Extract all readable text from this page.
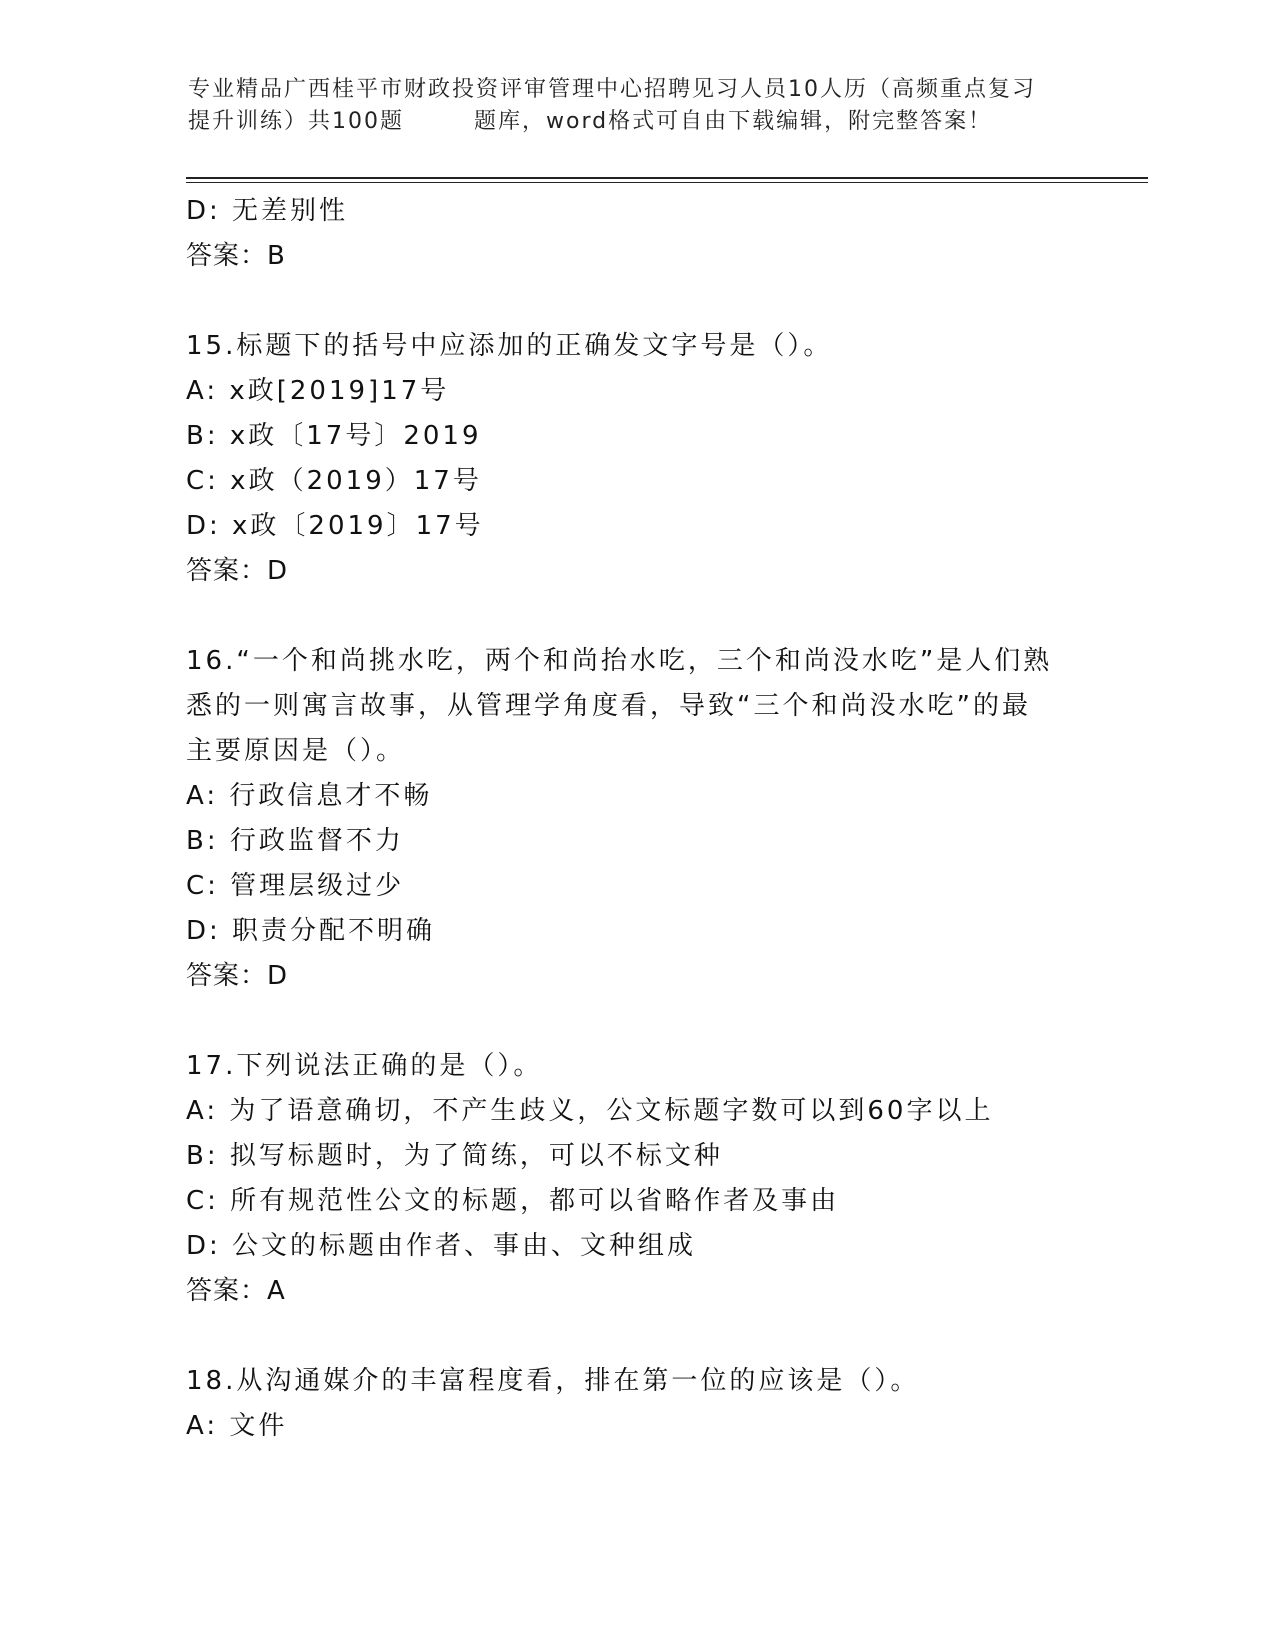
专业精品广西桂平市财政投资评审管理中心招聘见习人员10人历（高频重点复习
提升训练）共100题	题库，word格式可自由下载编辑，附完整答案！
D: 无差别性
答案：B
15.标题下的括号中应添加的正确发文字号是（）。
A: x政[2019]17号
B: x政〔17号〕2019
C: x政（2019）17号
D: x政〔2019〕17号
答案：D
16.“一个和尚挑水吃，两个和尚抬水吃，三个和尚没水吃”是人们熟
悉的一则寓言故事，从管理学角度看，导致“三个和尚没水吃”的最
主要原因是（）。
A: 行政信息才不畅
B: 行政监督不力
C: 管理层级过少
D: 职责分配不明确
答案：D
17.下列说法正确的是（）。
A: 为了语意确切，不产生歧义，公文标题字数可以到60字以上
B: 拟写标题时，为了简练，可以不标文种
C: 所有规范性公文的标题，都可以省略作者及事由
D: 公文的标题由作者、事由、文种组成
答案：A
18.从沟通媒介的丰富程度看，排在第一位的应该是（）。
A: 文件
